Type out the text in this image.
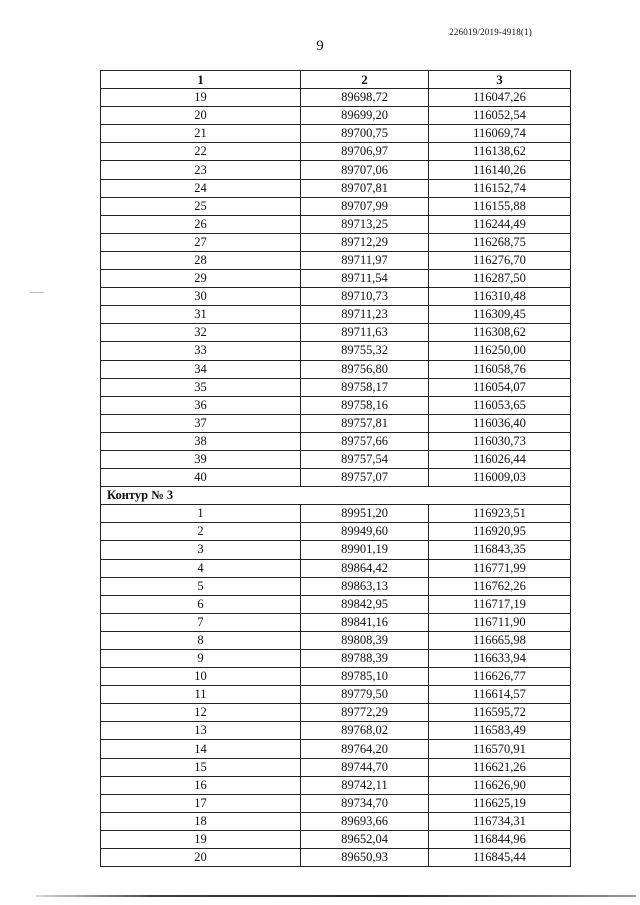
226019/2019-4918(1)
9
1	2	3
19	89698,72	116047,26
20	89699,20	116052,54
21	89700,75	116069,74
22	89706,97	116138,62
23	89707,06	116140,26
24	89707,81	116152,74
25	89707,99	116155,88
26	89713,25	116244,49
27	89712,29	116268,75
28	89711,97	116276,70
29	89711,54	116287,50
30	89710,73	116310,48
31	89711,23	116309,45
32	89711,63	116308,62
33	89755,32	116250,00
34	89756,80	116058,76
35	89758,17	116054,07
36	89758,16	116053,65
37	89757,81	116036,40
38	89757,66	116030,73
39	89757,54	116026,44
40	89757,07	116009,03
Контур № 3		
1	89951,20	116923,51
2	89949,60	116920,95
3	89901,19	116843,35
4	89864,42	116771,99
5	89863,13	116762,26
6	89842,95	116717,19
7	89841,16	116711,90
8	89808,39	116665,98
9	89788,39	116633,94
10	89785,10	116626,77
11	89779,50	116614,57
12	89772,29	116595,72
13	89768,02	116583,49
14	89764,20	116570,91
15	89744,70	116621,26
16	89742,11	116626,90
17	89734,70	116625,19
18	89693,66	116734,31
19	89652,04	116844,96
20	89650,93	116845,44
